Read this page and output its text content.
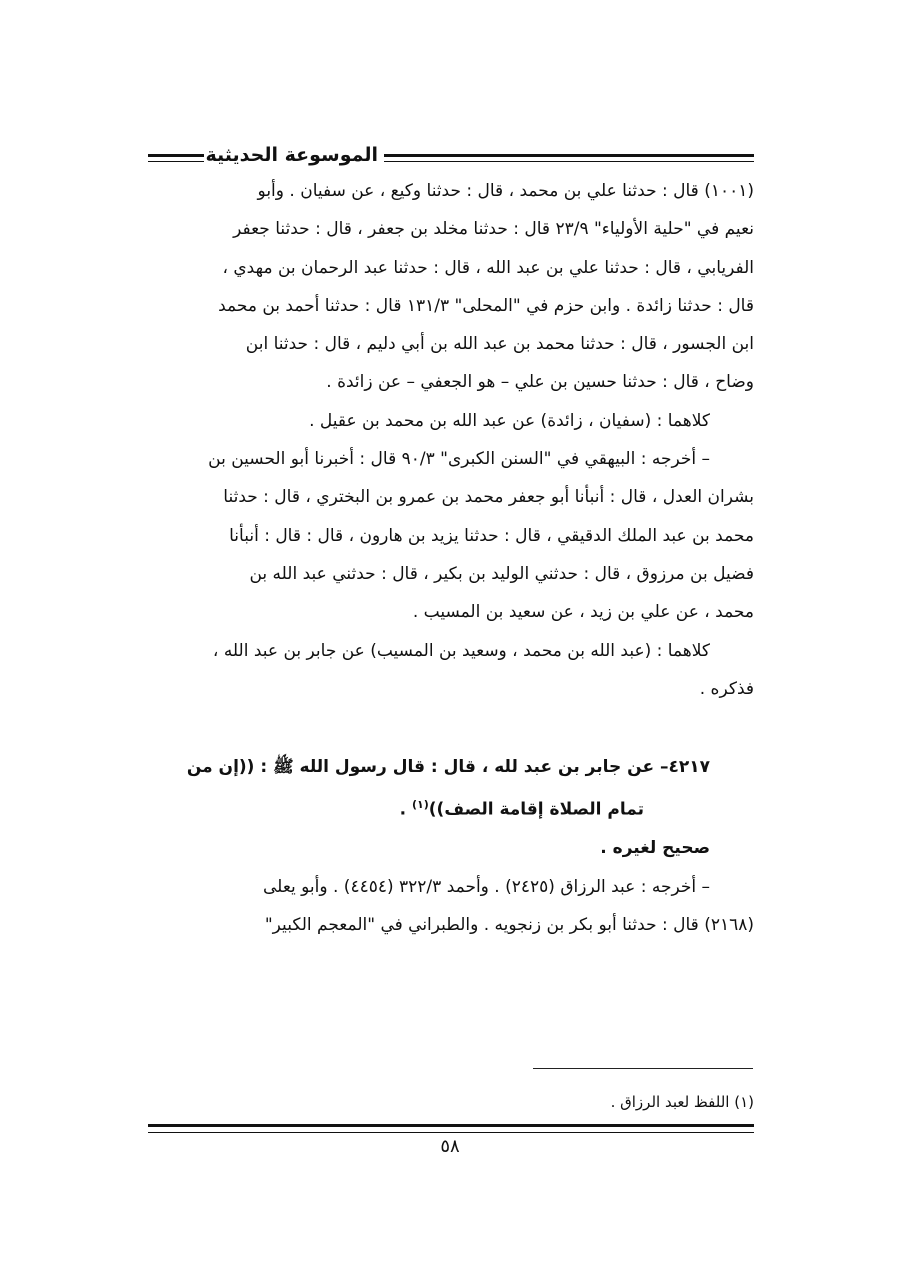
الموسوعة الحديثية

(١٠٠١) قال : حدثنا علي بن محمد ، قال : حدثنا وكيع ، عن سفيان . وأبو

نعيم في "حلية الأولياء" ٢٣/٩ قال : حدثنا مخلد بن جعفر ، قال : حدثنا جعفر

الفريابي ، قال : حدثنا علي بن عبد الله ، قال : حدثنا عبد الرحمان بن مهدي ،

قال : حدثنا زائدة . وابن حزم في "المحلى" ١٣١/٣ قال : حدثنا أحمد بن محمد

ابن الجسور ، قال : حدثنا محمد بن عبد الله بن أبي دليم ، قال : حدثنا ابن

وضاح ، قال : حدثنا حسين بن علي – هو الجعفي – عن زائدة .

كلاهما : (سفيان ، زائدة) عن عبد الله بن محمد بن عقيل .

– أخرجه : البيهقي في "السنن الكبرى" ٩٠/٣ قال : أخبرنا أبو الحسين بن

بشران العدل ، قال : أنبأنا أبو جعفر محمد بن عمرو بن البختري ، قال : حدثنا

محمد بن عبد الملك الدقيقي ، قال : حدثنا يزيد بن هارون ، قال : قال : أنبأنا

فضيل بن مرزوق ، قال : حدثني الوليد بن بكير ، قال : حدثني عبد الله بن

محمد ، عن علي بن زيد ، عن سعيد بن المسيب .

كلاهما : (عبد الله بن محمد ، وسعيد بن المسيب) عن جابر بن عبد الله ،

فذكره .

٤٢١٧– عن جابر بن عبد لله ، قال : قال رسول الله ﷺ : ((إن من

تمام الصلاة إقامة الصف))$^{(١)}$ .

صحيح لغيره .

– أخرجه : عبد الرزاق (٢٤٢٥) . وأحمد ٣٢٢/٣ (٤٤٥٤) . وأبو يعلى

(٢١٦٨) قال : حدثنا أبو بكر بن زنجويه . والطبراني في "المعجم الكبير"

(١) اللفظ لعبد الرزاق .
٥٨
